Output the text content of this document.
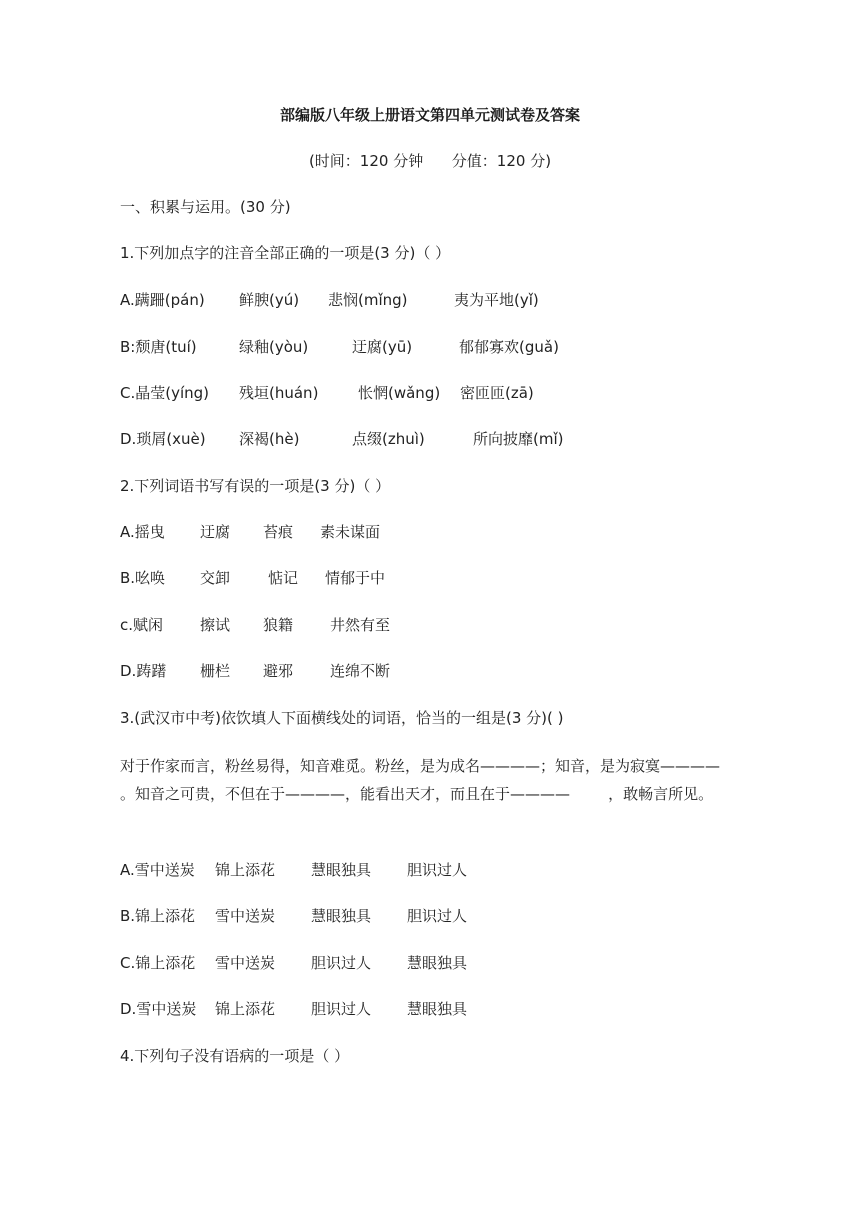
部编版八年级上册语文第四单元测试卷及答案
(时间：120 分钟      分值：120 分)
一、积累与运用。(30 分)
1.下列加点字的注音全部正确的一项是(3 分)（ ）
A.蹒跚(pán) 鲜腴(yú) 悲悯(mǐng)	夷为平地(yǐ)
B:颓唐(tuí)	绿釉(yòu)	迂腐(yū)	郁郁寡欢(guǎ)
C.晶莹(yíng) 残垣(huán)	怅惘(wǎng) 密匝匝(zā)
D.琐屑(xuè) 深褐(hè)	点缀(zhuì)	所向披靡(mǐ)
2.下列词语书写有误的一项是(3 分)（ ）
A.摇曳 迂腐 苔痕 素未谋面
B.吆唤 交卸	惦记 情郁于中
c.赋闲 擦试 狼籍 井然有至
D.踌躇 栅栏 避邪 连绵不断
3.(武汉市中考)依饮填人下面横线处的词语，恰当的一组是(3 分)( )
对于作家而言，粉丝易得，知音难觅。粉丝，是为成名————；知音，是为寂寞————  。知音之可贵，不但在于————，能看出天才，而且在于————        ，敢畅言所见。
A.雪中送炭 锦上添花 慧眼独具 胆识过人
B.锦上添花 雪中送炭 慧眼独具 胆识过人
C.锦上添花 雪中送炭 胆识过人 慧眼独具
D.雪中送炭 锦上添花 胆识过人 慧眼独具
4.下列句子没有语病的一项是（ ）
